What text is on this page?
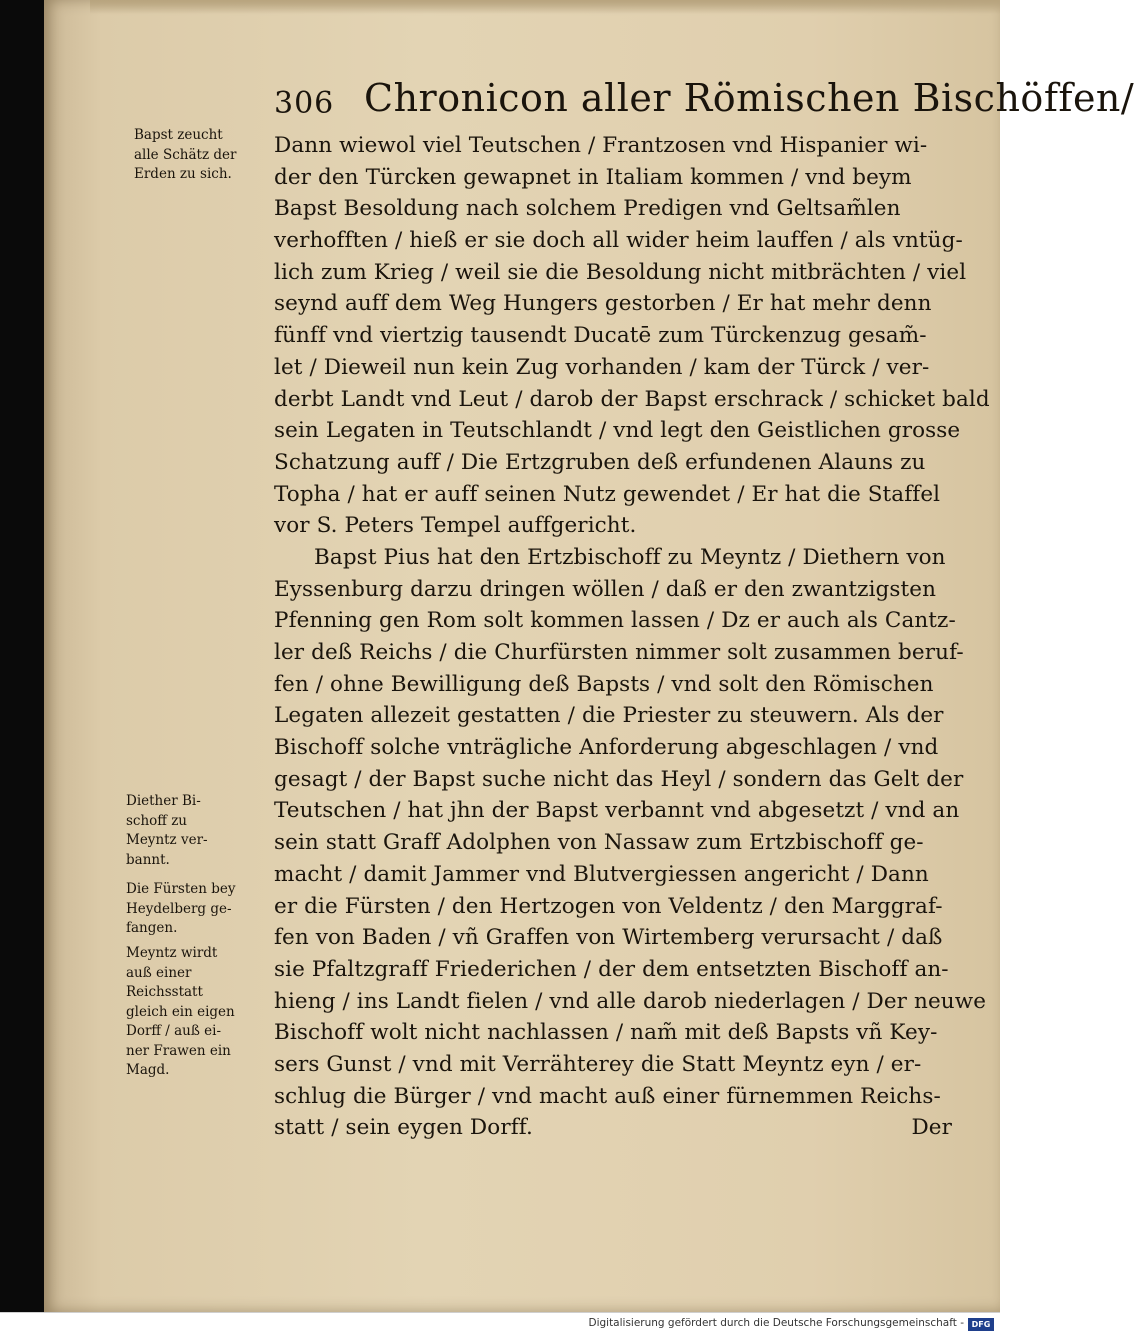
306 Chronicon aller Römischen Bischöffen/
Bapst zeucht
alle Schätz der
Erden zu sich.
Diether Bi-
schoff zu
Meyntz ver-
bannt.
Die Fürsten bey
Heydelberg ge-
fangen.
Meyntz wirdt
auß einer
Reichsstatt
gleich ein eigen
Dorff / auß ei-
ner Frawen ein
Magd.
Dann wiewol viel Teutschen / Frantzosen vnd Hispanier wi-
der den Türcken gewapnet in Italiam kommen / vnd beym
Bapst Besoldung nach solchem Predigen vnd Geltsam̃len
verhofften / hieß er sie doch all wider heim lauffen / als vntüg-
lich zum Krieg / weil sie die Besoldung nicht mitbrächten / viel
seynd auff dem Weg Hungers gestorben / Er hat mehr denn
fünff vnd viertzig tausendt Ducatē zum Türckenzug gesam̃-
let / Dieweil nun kein Zug vorhanden / kam der Türck / ver-
derbt Landt vnd Leut / darob der Bapst erschrack / schicket bald
sein Legaten in Teutschlandt / vnd legt den Geistlichen grosse
Schatzung auff / Die Ertzgruben deß erfundenen Alauns zu
Topha / hat er auff seinen Nutz gewendet / Er hat die Staffel
vor S. Peters Tempel auffgericht.
Bapst Pius hat den Ertzbischoff zu Meyntz / Diethern von
Eyssenburg darzu dringen wöllen / daß er den zwantzigsten
Pfenning gen Rom solt kommen lassen / Dz er auch als Cantz-
ler deß Reichs / die Churfürsten nimmer solt zusammen beruf-
fen / ohne Bewilligung deß Bapsts / vnd solt den Römischen
Legaten allezeit gestatten / die Priester zu steuwern. Als der
Bischoff solche vnträgliche Anforderung abgeschlagen / vnd
gesagt / der Bapst suche nicht das Heyl / sondern das Gelt der
Teutschen / hat jhn der Bapst verbannt vnd abgesetzt / vnd an
sein statt Graff Adolphen von Nassaw zum Ertzbischoff ge-
macht / damit Jammer vnd Blutvergiessen angericht / Dann
er die Fürsten / den Hertzogen von Veldentz / den Marggraf-
fen von Baden / vñ Graffen von Wirtemberg verursacht / daß
sie Pfaltzgraff Friederichen / der dem entsetzten Bischoff an-
hieng / ins Landt fielen / vnd alle darob niederlagen / Der neuwe
Bischoff wolt nicht nachlassen / nam̃ mit deß Bapsts vñ Key-
sers Gunst / vnd mit Verrähterey die Statt Meyntz eyn / er-
schlug die Bürger / vnd macht auß einer fürnemmen Reichs-
statt / sein eygen Dorff.	Der
Digitalisierung gefördert durch die Deutsche Forschungsgemeinschaft - DFG
